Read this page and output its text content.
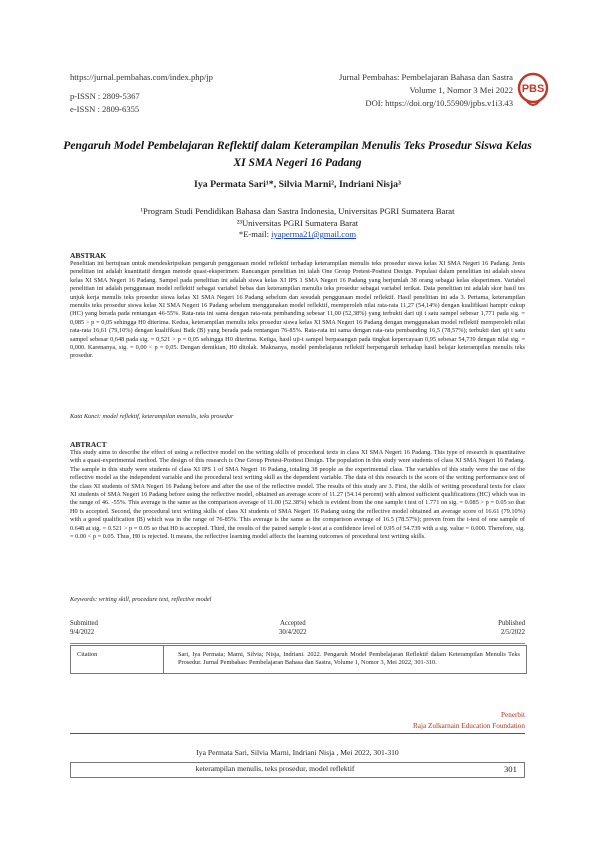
https://jurnal.pembahas.com/index.php/jp
p-ISSN : 2809-5367
e-ISSN : 2809-6355
Jurnal Pembahas: Pembelajaran Bahasa dan Sastra
Volume 1, Nomor 3 Mei 2022
DOI: https://doi.org/10.55909/jpbs.v1i3.43
PBS
Pengaruh Model Pembelajaran Reflektif dalam Keterampilan Menulis Teks Prosedur Siswa Kelas XI SMA Negeri 16 Padang
Iya Permata Sari¹*, Silvia Marni², Indriani Nisja³
¹Program Studi Pendidikan Bahasa dan Sastra Indonesia, Universitas PGRI Sumatera Barat
²³Universitas PGRI Sumatera Barat
*E-mail: iyaperma21@gmail.com
ABSTRAK

Penelitian ini bertujuan untuk mendeskripsikan pengaruh penggunaan model reflektif terhadap keterampilan menulis teks prosedur siswa kelas XI SMA Negeri 16 Padang. Jenis penelitian ini adalah kuantitatif dengan metode quasi-eksperimen. Rancangan penelitian ini ialah One Group Pretest-Posttest Design. Populasi dalam penelitian ini adalah siswa kelas XI SMA Negeri 16 Padang. Sampel pada penelitian ini adalah siswa kelas XI IPS 1 SMA Negeri 16 Padang yang berjumlah 38 orang sebagai kelas eksperimen. Variabel penelitian ini adalah penggunaan model reflektif sebagai variabel bebas dan keterampilan menulis teks prosedur sebagai variabel terikat. Data penelitian ini adalah skor hasil tes unjuk kerja menulis teks prosedur siswa kelas XI SMA Negeri 16 Padang sebelum dan sesudah penggunaan model reflektif. Hasil penelitian ini ada 3. Pertama, keterampilan menulis teks prosedur siswa kelas XI SMA Negeri 16 Padang sebelum menggunakan model reflektif, memperoleh nilai rata-rata 11,27 (54,14%) dengan kualifikasi hampir cukup (HC) yang berada pada rentangan 46-55%. Rata-rata ini sama dengan rata-rata pembanding sebesar 11,00 (52,38%) yang terbukti dari uji t satu sampel sebesar 1,771 pada sig. = 0,085 > p = 0,05 sehingga H0 diterima. Kedua, keterampilan menulis teks prosedur siswa kelas XI SMA Negeri 16 Padang dengan menggunakan model reflektif memperoleh nilai rata-rata 16,61 (79,10%) dengan kualifikasi Baik (B) yang berada pada rentangan 76-85%. Rata-rata ini sama dengan rata-rata pembanding 16,5 (78,57%); terbukti dari uji t satu sampel sebesar 0,648 pada sig. = 0,521 > p = 0,05 sehingga H0 diterima. Ketiga, hasil uji-t sampel berpasangan pada tingkat kepercayaan 0,95 sebesar 54,739 dengan nilai sig. = 0,000. Karenanya, sig. = 0,00 < p = 0,05. Dengan demikian, H0 ditolak. Maknanya, model pembelajaran reflektif berpengaruh terhadap hasil belajar keterampilan menulis teks prosedur.

Kata Kunci: model reflektif, keterampilan menulis, teks prosedur
ABTRACT

This study aims to describe the effect of using a reflective model on the writing skills of procedural texts in class XI SMA Negeri 16 Padang. This type of research is quantitative with a quasi-experimental method. The design of this research is One Group Pretest-Posttest Design. The population in this study were students of class XI SMA Negeri 16 Padang. The sample in this study were students of class XI IPS 1 of SMA Negeri 16 Padang, totaling 38 people as the experimental class. The variables of this study were the use of the reflective model as the independent variable and the procedural text writing skill as the dependent variable. The data of this research is the score of the writing performance test of the class XI students of SMA Negeri 16 Padang before and after the use of the reflective model. The results of this study are 3. First, the skills of writing procedural texts for class XI students of SMA Negeri 16 Padang before using the reflective model, obtained an average score of 11.27 (54.14 percent) with almost sufficient qualifications (HC) which was in the range of 46. -55%. This average is the same as the comparison average of 11.00 (52.38%) which is evident from the one sample t test of 1.771 on sig. = 0.085 > p = 0.05 so that H0 is accepted. Second, the procedural text writing skills of class XI students of SMA Negeri 16 Padang using the reflective model obtained an average score of 16.61 (79.10%) with a good qualification (B) which was in the range of 76-85%. This average is the same as the comparison average of 16.5 (78.57%); proven from the t-test of one sample of 0.648 at sig. = 0.521 > p = 0.05 so that H0 is accepted. Third, the results of the paired sample t-test at a confidence level of 0.95 of 54.739 with a sig. value = 0.000. Therefore, sig. = 0.00 < p = 0.05. Thus, H0 is rejected. It means, the reflective learning model affects the learning outcomes of procedural text writing skills.

Keywords: writing skill, procedure text, reflective model
Submitted
9/4/2022
Accepted
30/4/2022
Published
2/5/2022
Citation	Sari, Iya Permata; Marni, Silvia; Nisja, Indriani. 2022. Pengaruh Model Pembelajaran Reflektif dalam Keterampilan Menulis Teks Prosedur. Jurnal Pembahas: Pembelajaran Bahasa dan Sastra, Volume 1, Nomor 3, Mei 2022, 301-310.
Penerbit
Raja Zulkarnain Education Foundation
Iya Permata Sari, Silvia Marni, Indriani Nisja , Mei 2022, 301-310
keterampilan menulis, teks prosedur, model reflektif	301
